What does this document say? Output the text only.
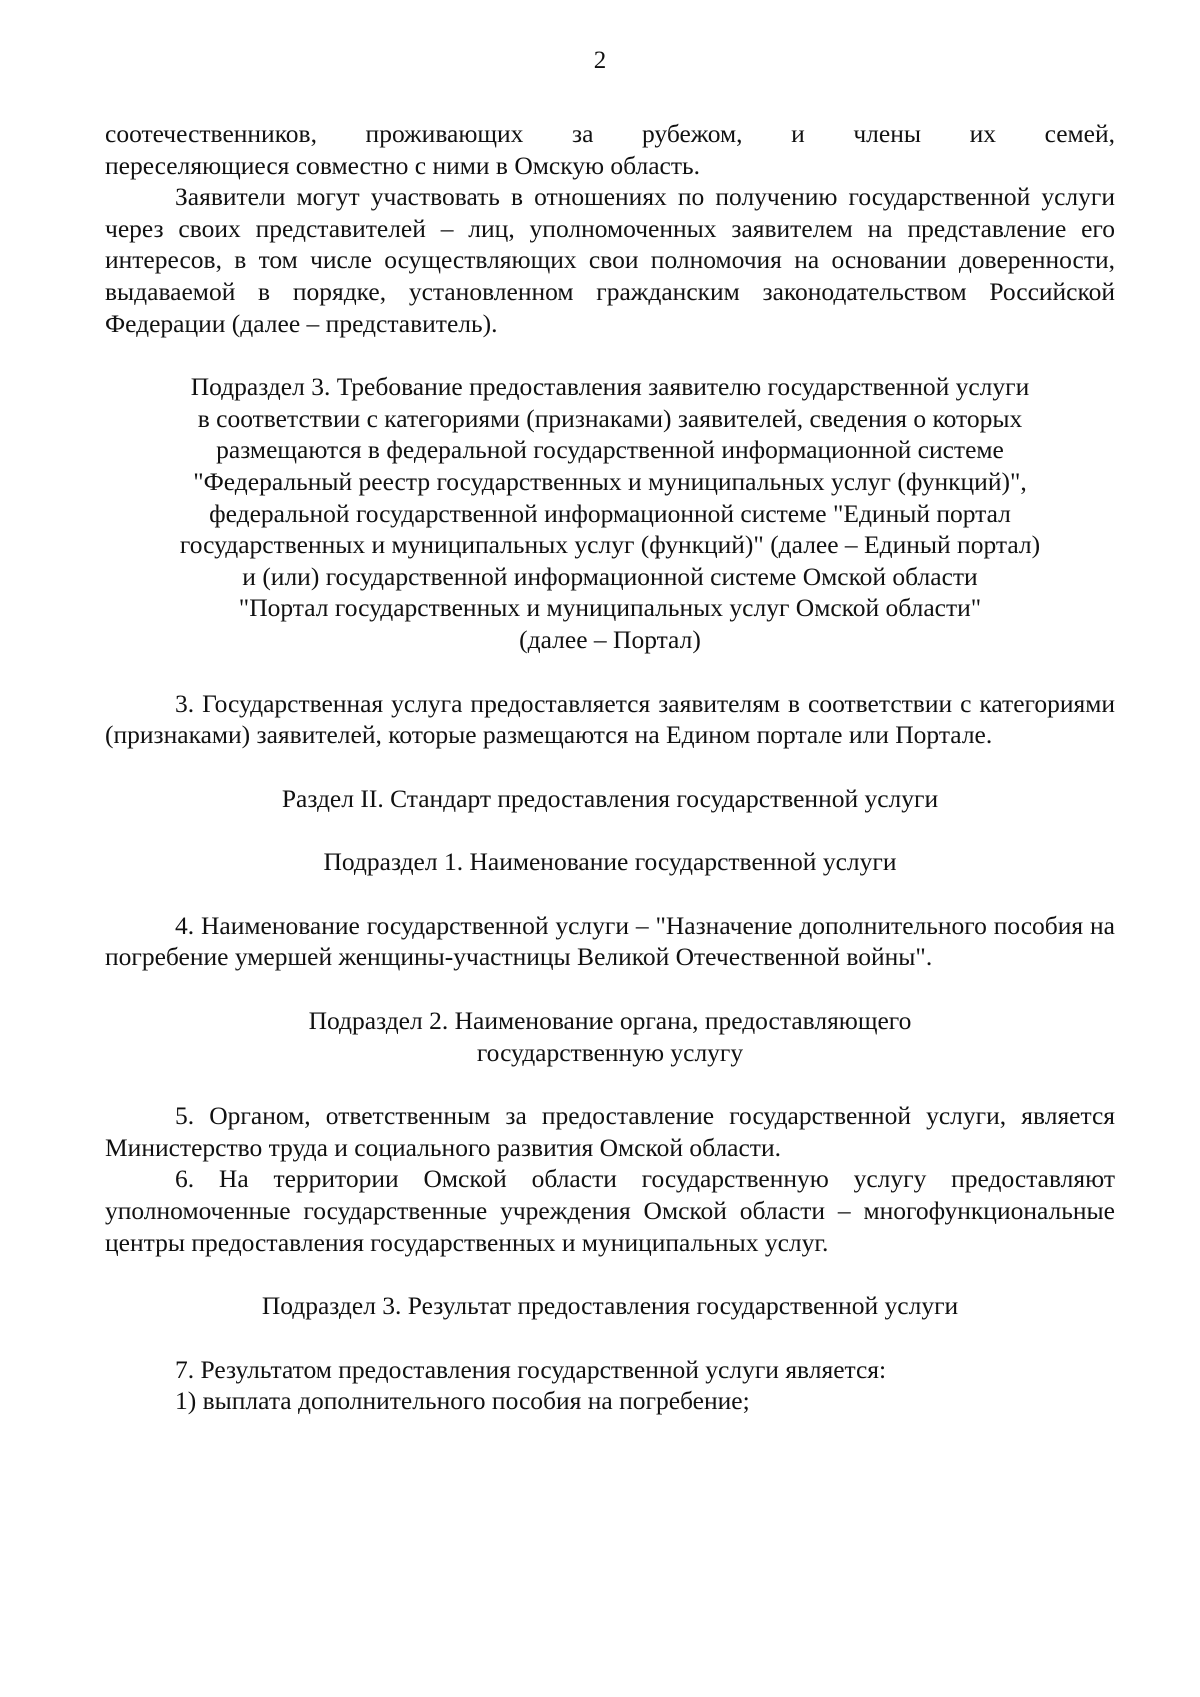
2
соотечественников, проживающих за рубежом, и члены их семей,
переселяющиеся совместно с ними в Омскую область.

Заявители могут участвовать в отношениях по получению государственной услуги через своих представителей – лиц, уполномоченных заявителем на представление его интересов, в том числе осуществляющих свои полномочия на основании доверенности, выдаваемой в порядке, установленном гражданским законодательством Российской Федерации (далее – представитель).

Подраздел 3. Требование предоставления заявителю государственной услуги
в соответствии с категориями (признаками) заявителей, сведения о которых
размещаются в федеральной государственной информационной системе
"Федеральный реестр государственных и муниципальных услуг (функций)",
федеральной государственной информационной системе "Единый портал
государственных и муниципальных услуг (функций)" (далее – Единый портал)
и (или) государственной информационной системе Омской области
"Портал государственных и муниципальных услуг Омской области"
(далее – Портал)

3. Государственная услуга предоставляется заявителям в соответствии с категориями (признаками) заявителей, которые размещаются на Едином портале или Портале.

Раздел II. Стандарт предоставления государственной услуги

Подраздел 1. Наименование государственной услуги

4. Наименование государственной услуги – "Назначение дополнительного пособия на погребение умершей женщины-участницы Великой Отечественной войны".

Подраздел 2. Наименование органа, предоставляющего
государственную услугу

5. Органом, ответственным за предоставление государственной услуги, является Министерство труда и социального развития Омской области.

6. На территории Омской области государственную услугу предоставляют уполномоченные государственные учреждения Омской области – многофункциональные центры предоставления государственных и муниципальных услуг.

Подраздел 3. Результат предоставления государственной услуги

7. Результатом предоставления государственной услуги является:

1) выплата дополнительного пособия на погребение;
